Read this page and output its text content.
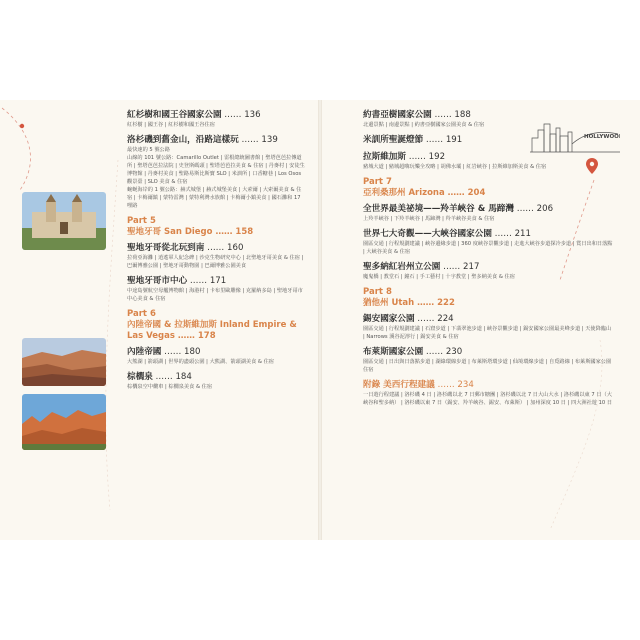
HOLLYWOOD
紅杉樹和國王谷國家公園 …… 136
紅杉樹 | 國王谷 | 紅杉樹和國王谷住宿
洛杉磯到舊金山，沿路這樣玩 …… 139
最快速的 5 號公路
山線的 101 號公路：Camarillo Outlet | 雷根總統圖書館 | 聖塔芭芭拉傳道所 | 聖塔芭芭拉法院 | 史登斯碼頭 | 聖塔芭芭拉美食 & 住宿 | 丹麥村 | 安徒生博物館 | 丹麥村美食 | 聖路易斯比斯寶 SLO | 米訓所 | 口香糖巷 | Los Osos 觀景臺 | SLO 美食 & 住宿
蜿蜒海岸的 1 號公路：赫式城堡 | 赫式城堡美食 | 大索爾 | 大索爾美食 & 住宿 | 卡梅爾鎮 | 蒙特雷灣 | 蒙特利灣水族館 | 卡梅爾小鎮美食 | 國石灘和 17 哩路
Part 5
聖地牙哥 San Diego …… 158
聖地牙哥從北玩到南 …… 160
拉荷亞海灘 | 逍遙軍人紀念碑 | 沙克生物研究中心 | 北聖地牙哥美食 & 住宿 | 巴爾博雅公園 | 聖地牙哥動物園 | 巴爾博雅公園美食
聖地牙哥市中心 …… 171
中途島號航空母艦博物館 | 海港村 | 卡布里歐雕像 | 克羅納多島 | 聖地牙哥市中心美食 & 住宿
Part 6
內陸帝國 & 拉斯維加斯 Inland Empire & Las Vegas …… 178
內陸帝國 …… 180
大熊湖 | 箭頭湖 | 世界的盡頭公園 | 大熊湖、箭頭湖美食 & 住宿
棕櫚泉 …… 184
棕櫚泉空中纜車 | 棕櫚泉美食 & 住宿
約書亞樹國家公園 …… 188
北邊景點 | 南邊景點 | 約書亞樹國家公園美食 & 住宿
米訓所聖誕燈節 …… 191
拉斯維加斯 …… 192
豬城大道 | 豬城超嗨玩樂全攻略 | 胡佛水壩 | 紅岩峽谷 | 拉斯維加斯美食 & 住宿
Part 7
亞利桑那州 Arizona …… 204
全世界最美祕境——羚羊峽谷 & 馬蹄灣 …… 206
上羚羊峽谷 | 下羚羊峽谷 | 馬蹄灣 | 羚羊峽谷美食 & 住宿
世界七大奇觀——大峽谷國家公園 …… 211
園區交通 | 行程規劃建議 | 峽谷邊緣步道 | 360 度峽谷景觀步道 | 走進大峽谷步道探冷步道 | 賞日出和日落點 | 大峽谷美食 & 住宿
聖多納紅岩州立公園 …… 217
魔鬼橋 | 教堂石 | 鐘石 | 手工藝村 | 十字教堂 | 聖多納美食 & 住宿
Part 8
猶他州 Utah …… 222
錫安國家公園 …… 224
園區交通 | 行程規劃建議 | 石窟步道 | 下翡翠池步道 | 峽谷景觀步道 | 錫安國家公園最美峰步道 | 天使降臨山 | Narrows 溪谷泥濘行 | 錫安美食 & 住宿
布萊斯國家公園 …… 230
園區交通 | 日出與日落點步道 | 湖綠環線步道 | 布萊斯塔環步道 | 仙境環線步道 | 自覓路線 | 布萊斯國家公園住宿
附錄 美西行程建議 …… 234
一日遊行程建議 | 洛杉磯 4 日 | 洛杉磯以北 7 日郵市糖團 | 洛杉磯以北 7 日大山大水 | 洛杉磯以東 7 日（大峽谷和聖多納） | 洛杉磯以東 7 日（錫安、羚羊峽谷、錫安、布萊斯） | 加州深度 10 日 | 四大洲社遊 10 日
